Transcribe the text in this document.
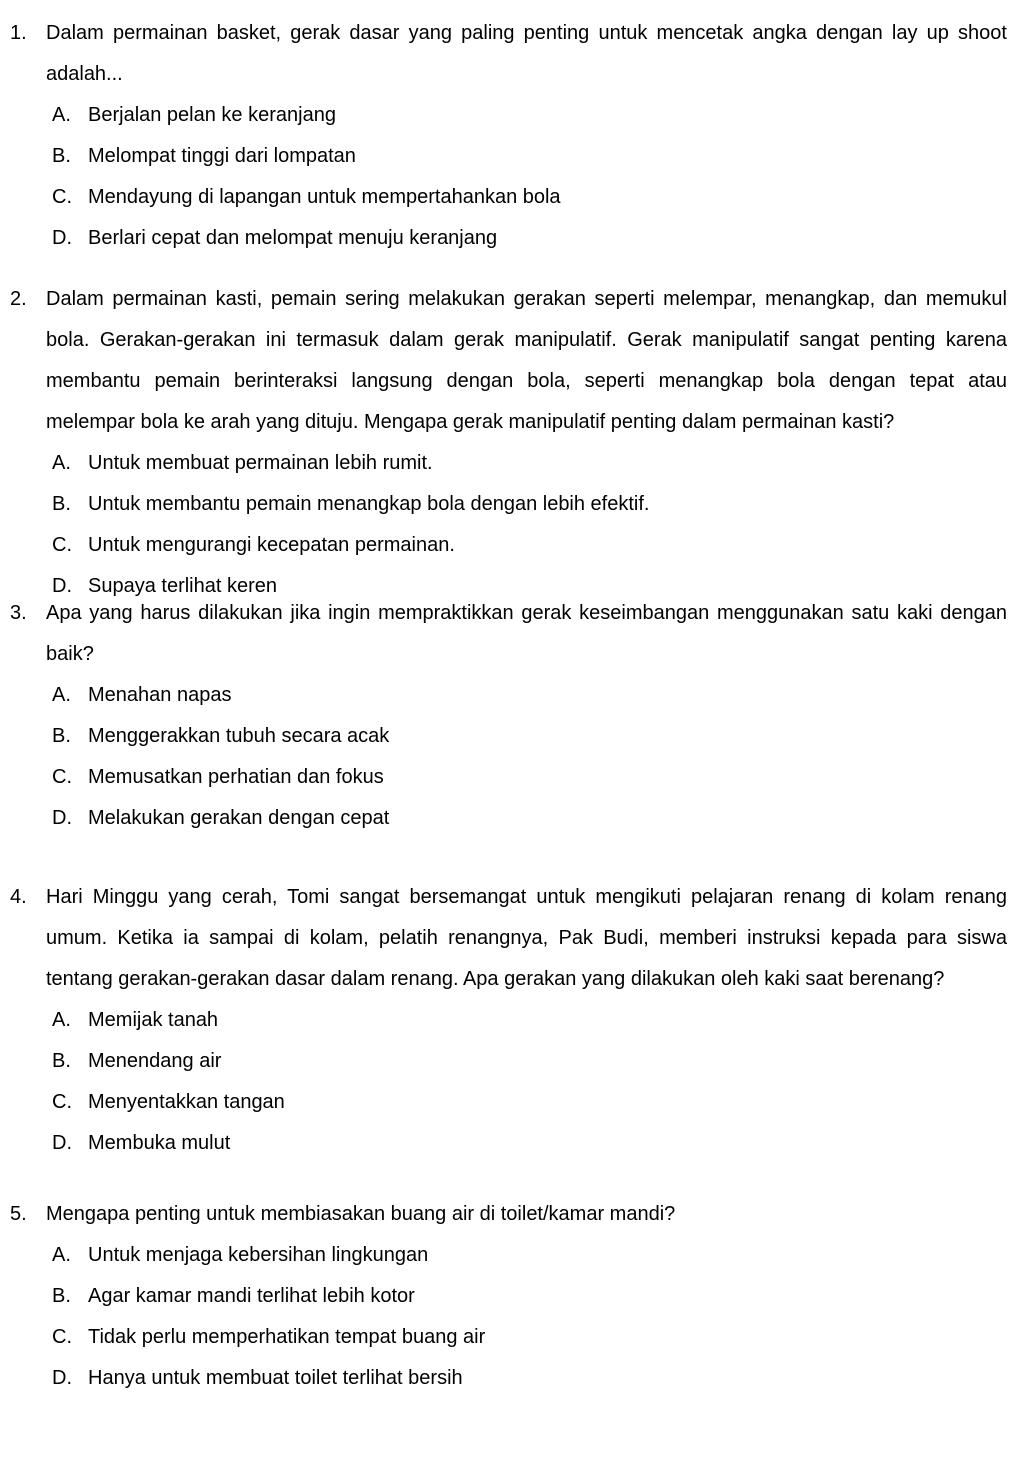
1. Dalam permainan basket, gerak dasar yang paling penting untuk mencetak angka dengan lay up shoot adalah...

A. Berjalan pelan ke keranjang
B. Melompat tinggi dari lompatan
C. Mendayung di lapangan untuk mempertahankan bola
D. Berlari cepat dan melompat menuju keranjang
2. Dalam permainan kasti, pemain sering melakukan gerakan seperti melempar, menangkap, dan memukul bola. Gerakan-gerakan ini termasuk dalam gerak manipulatif. Gerak manipulatif sangat penting karena membantu pemain berinteraksi langsung dengan bola, seperti menangkap bola dengan tepat atau melempar bola ke arah yang dituju. Mengapa gerak manipulatif penting dalam permainan kasti?

A. Untuk membuat permainan lebih rumit.
B. Untuk membantu pemain menangkap bola dengan lebih efektif.
C. Untuk mengurangi kecepatan permainan.
D. Supaya terlihat keren
3. Apa yang harus dilakukan jika ingin mempraktikkan gerak keseimbangan menggunakan satu kaki dengan baik?

A. Menahan napas
B. Menggerakkan tubuh secara acak
C. Memusatkan perhatian dan fokus
D. Melakukan gerakan dengan cepat
4. Hari Minggu yang cerah, Tomi sangat bersemangat untuk mengikuti pelajaran renang di kolam renang umum. Ketika ia sampai di kolam, pelatih renangnya, Pak Budi, memberi instruksi kepada para siswa tentang gerakan-gerakan dasar dalam renang. Apa gerakan yang dilakukan oleh kaki saat berenang?

A. Memijak tanah
B. Menendang air
C. Menyentakkan tangan
D. Membuka mulut
5. Mengapa penting untuk membiasakan buang air di toilet/kamar mandi?

A. Untuk menjaga kebersihan lingkungan
B. Agar kamar mandi terlihat lebih kotor
C. Tidak perlu memperhatikan tempat buang air
D. Hanya untuk membuat toilet terlihat bersih
